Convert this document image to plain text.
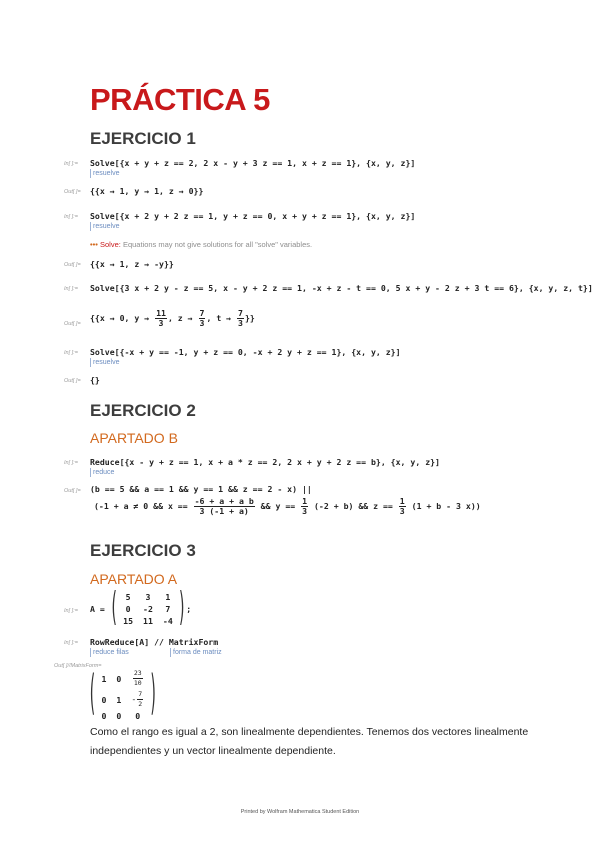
PRÁCTICA 5
EJERCICIO 1
In[ ]:= Solve[{x + y + z == 2, 2 x - y + 3 z == 1, x + z == 1}, {x, y, z}]
resuelve
Out[ ]= {{x → 1, y → 1, z → 0}}
In[ ]:= Solve[{x + 2 y + 2 z == 1, y + z == 0, x + y + z == 1}, {x, y, z}]
resuelve
••• Solve: Equations may not give solutions for all "solve" variables.
Out[ ]= {{x → 1, z → -y}}
In[ ]:= Solve[{3 x + 2 y - z == 5, x - y + 2 z == 1, -x + z - t == 0, 5 x + y - 2 z + 3 t == 6}, {x, y, z, t}]
Out[ ]=
{{x → 0, $y \to \frac{11}{3}$ , $z \to \frac{7}{3}$ , $t \to \frac{7}{3}$ }}
In[ ]:= Solve[{-x + y == -1, y + z == 0, -x + 2 y + z == 1}, {x, y, z}]
resuelve
Out[ ]= {}
EJERCICIO 2
APARTADO B
In[ ]:= Reduce[{x - y + z == 1, x + a * z == 2, 2 x + y + 2 z == b}, {x, y, z}]
reduce
Out[ ]= (b == 5 && a == 1 && y == 1 && z == 2 - x) ||
(-1 + a ≠ 0 && $x == \frac{\text{-6 + a + a b}}{3 (-1 + a)}$ && $y == \frac{1}{3} (-2 + b)$ && $z == \frac{1}{3} (1 + b - 3$ x))
EJERCICIO 3
APARTADO A
In[ ]:= A = ( 5	3	1
0	-2	7
15	11	-4 );
In[ ]:= RowReduce[A] // MatrixForm
reduce filas	forma de matriz
Out[ ]//MatrixForm=
( 1	0	$\frac{23}{10}$

0	1	- $\frac{7}{2}$

0	0	0 )
Como el rango es igual a 2, son linealmente dependientes. Tenemos dos vectores linealmente independientes y un vector linealmente dependiente.
Printed by Wolfram Mathematica Student Edition
